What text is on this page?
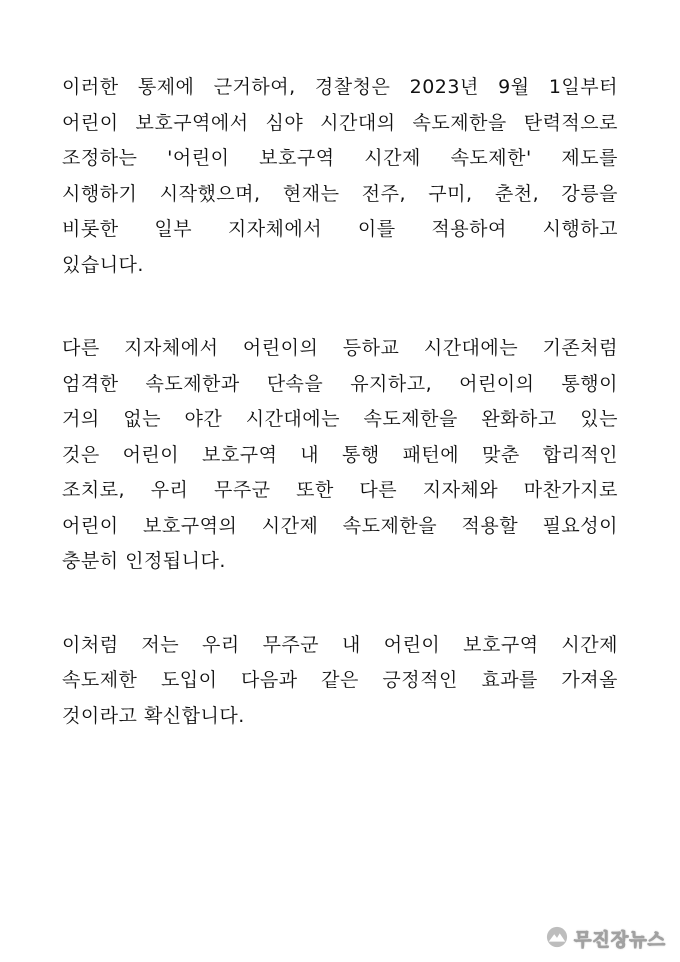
이러한 통제에 근거하여, 경찰청은 2023년 9월 1일부터
어린이 보호구역에서 심야 시간대의 속도제한을 탄력적으로
조정하는 '어린이 보호구역 시간제 속도제한' 제도를
시행하기 시작했으며, 현재는 전주, 구미, 춘천, 강릉을
비롯한 일부 지자체에서 이를 적용하여 시행하고
있습니다.
다른 지자체에서 어린이의 등하교 시간대에는 기존처럼
엄격한 속도제한과 단속을 유지하고, 어린이의 통행이
거의 없는 야간 시간대에는 속도제한을 완화하고 있는
것은 어린이 보호구역 내 통행 패턴에 맞춘 합리적인
조치로, 우리 무주군 또한 다른 지자체와 마찬가지로
어린이 보호구역의 시간제 속도제한을 적용할 필요성이
충분히 인정됩니다.
이처럼 저는 우리 무주군 내 어린이 보호구역 시간제
속도제한 도입이 다음과 같은 긍정적인 효과를 가져올
것이라고 확신합니다.
무진장뉴스
